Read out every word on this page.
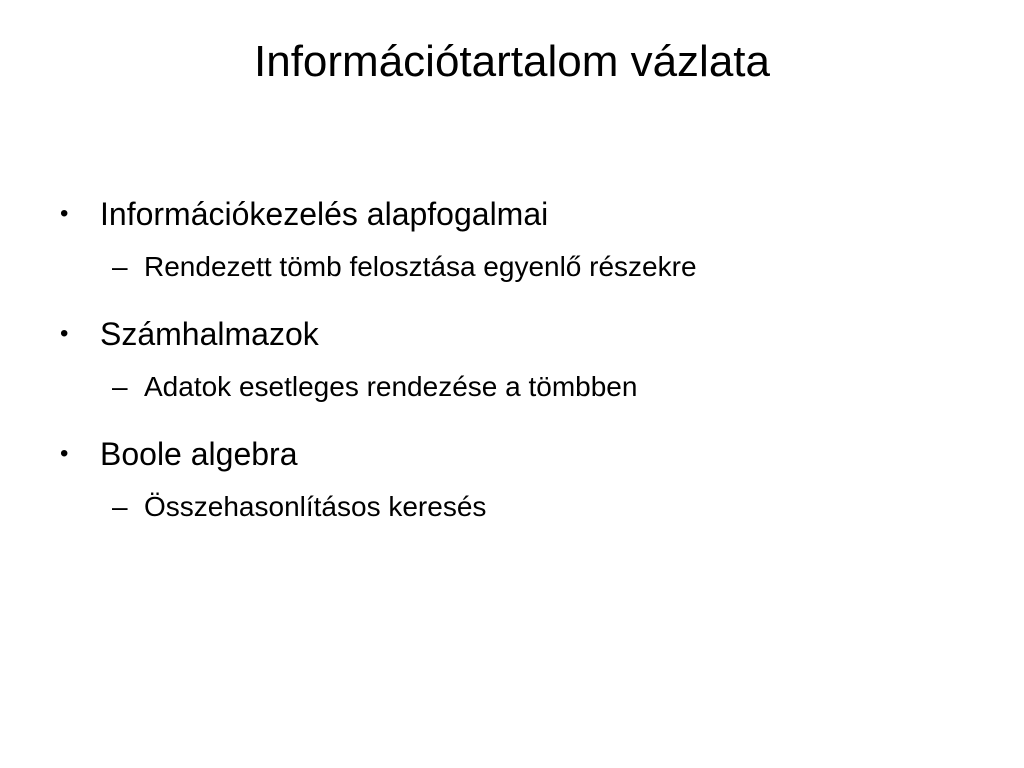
Információtartalom vázlata
• Információkezelés alapfogalmai
– Rendezett tömb felosztása egyenlő részekre
• Számhalmazok
– Adatok esetleges rendezése a tömbben
• Boole algebra
– Összehasonlításos keresés
